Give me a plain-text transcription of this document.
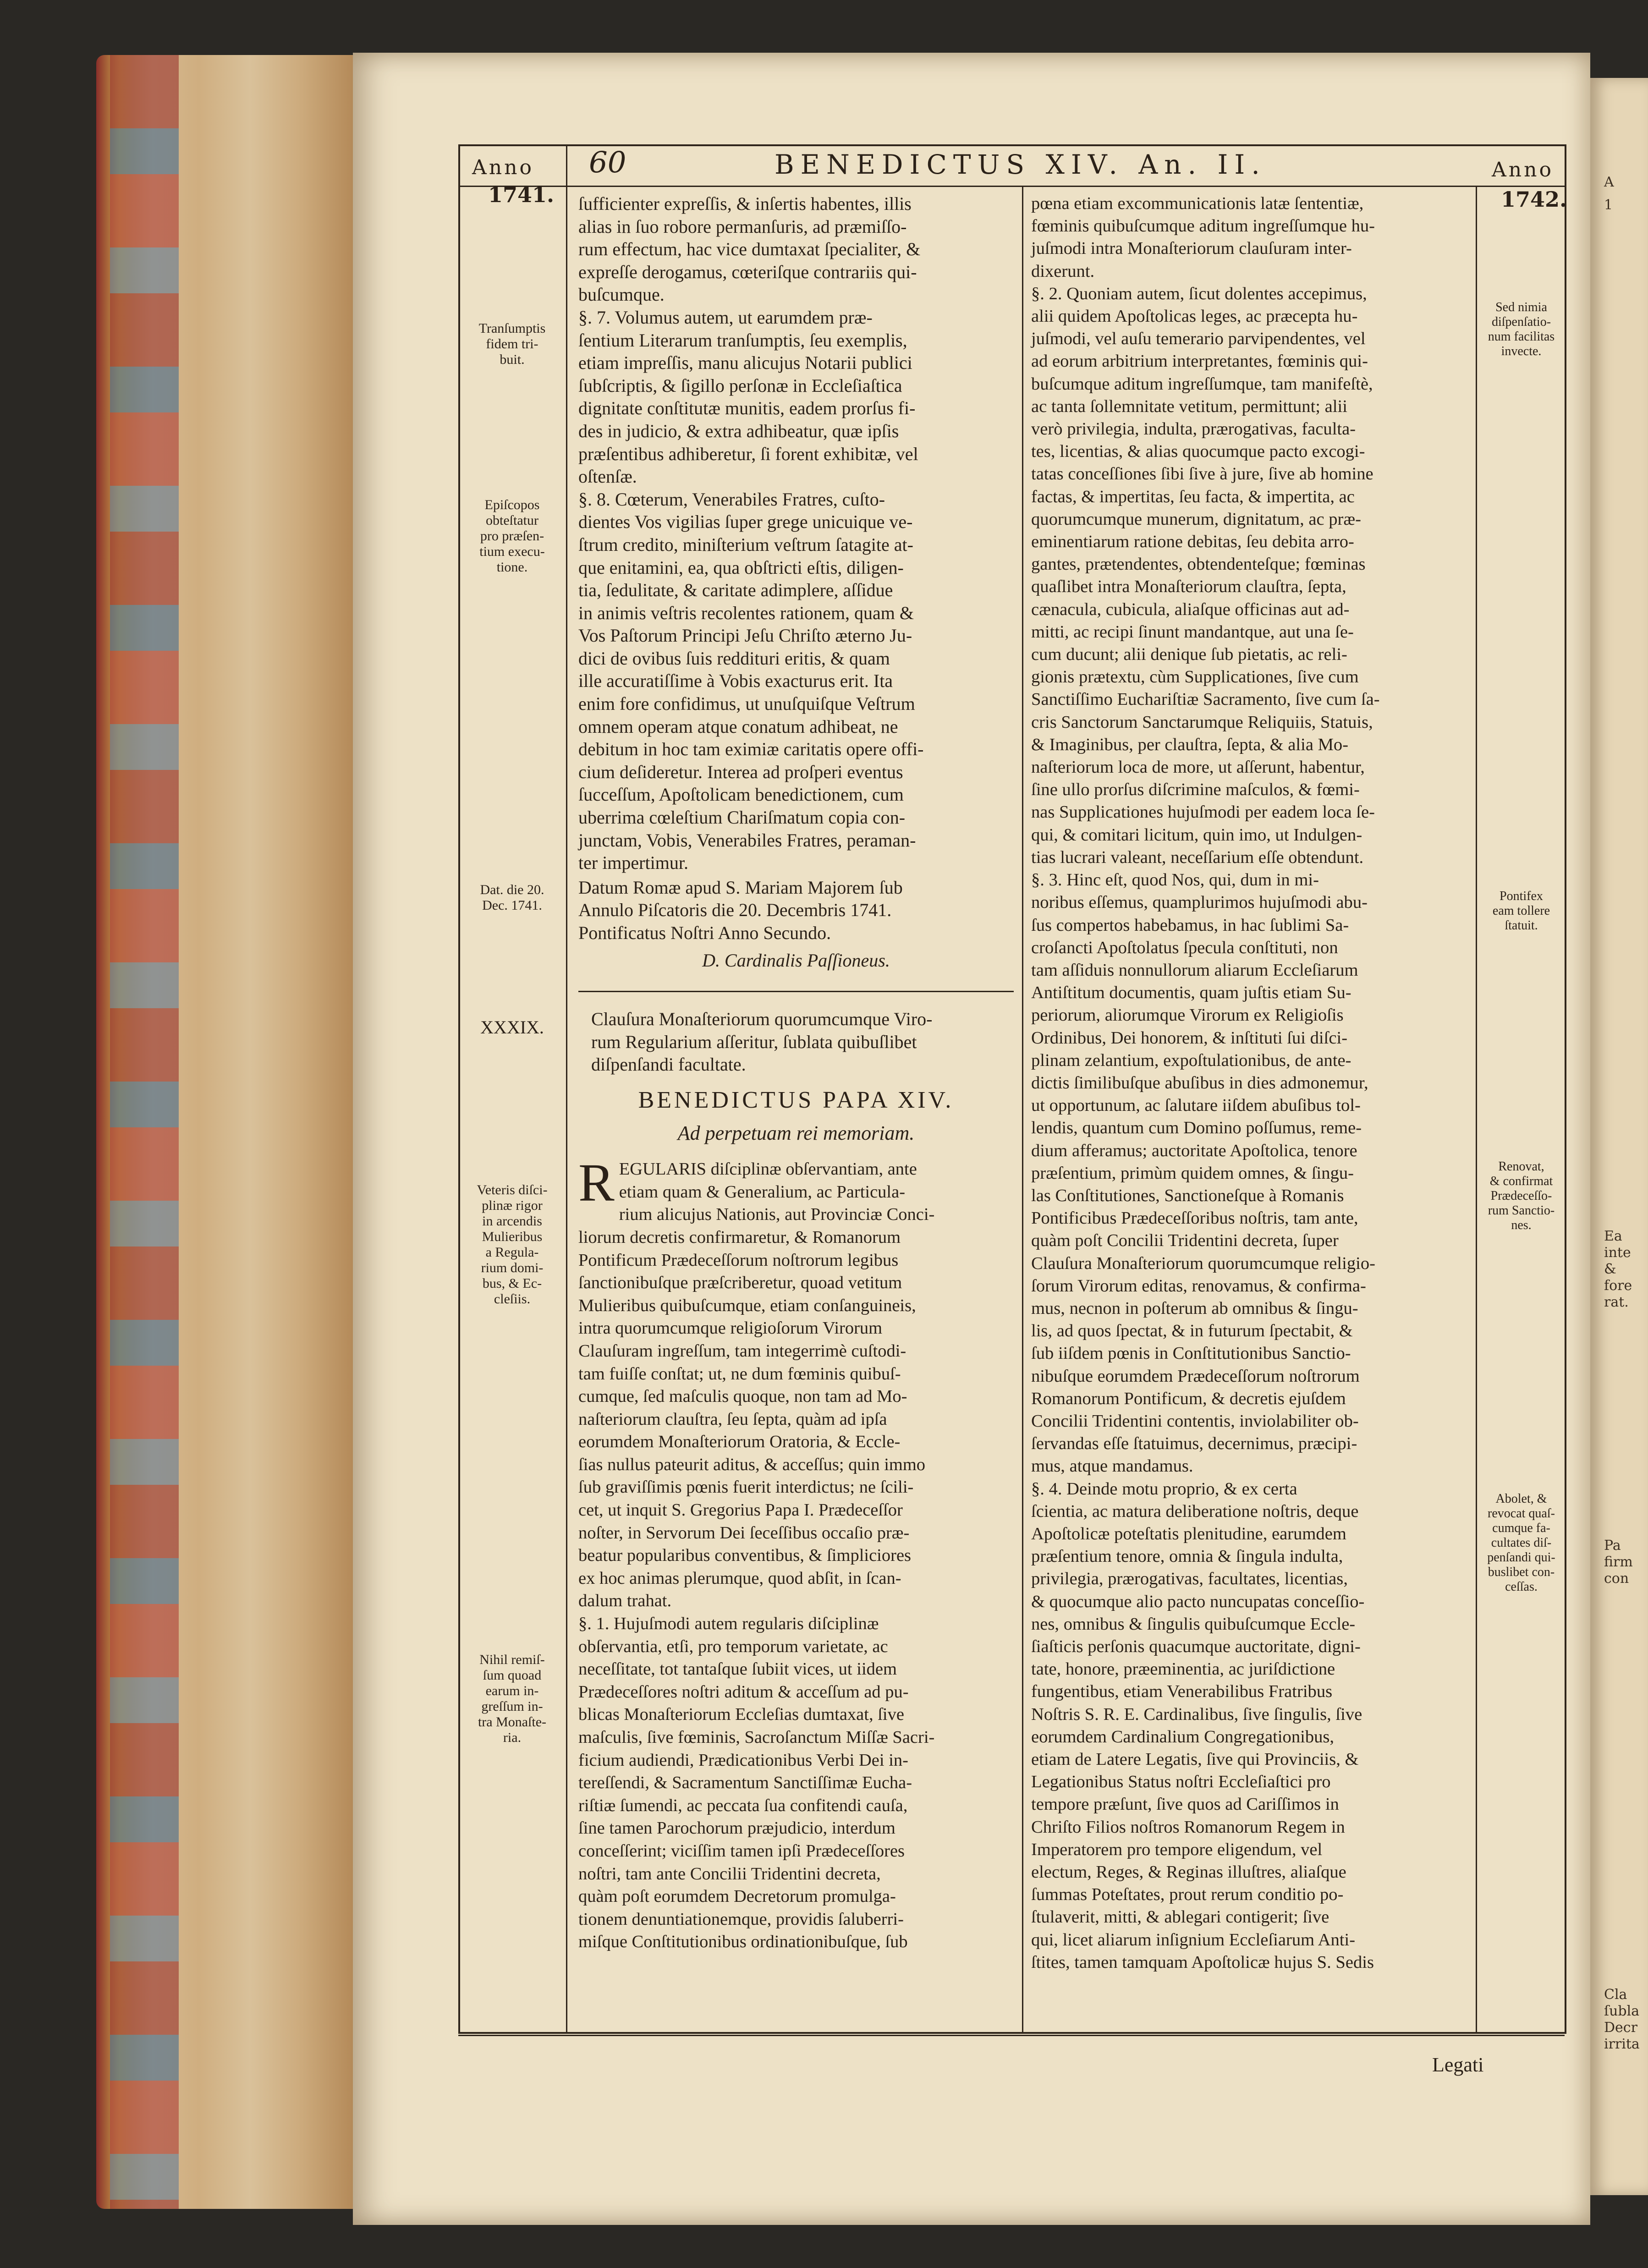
A
1
Ea
inte
&
fore
rat.
Pa
firm
con
Cla
ſubla
Decr
irrita
Anno
1741.
60	BENEDICTUS XIV. An. II.	Anno
1742.
Tranſumptis
fidem tri-
buit.
Epiſcopos
obteſtatur
pro præſen-
tium execu-
tione.
Dat. die 20.
Dec. 1741.
XXXIX.
Veteris diſci-
plinæ rigor
in arcendis
Mulieribus
a Regula-
rium domi-
bus, & Ec-
cleſiis.
Nihil remiſ-
ſum quoad
earum in-
greſſum in-
tra Monaſte-
ria.
Sed nimia
diſpenſatio-
num facilitas
invecte.
Pontifex
eam tollere
ſtatuit.
Renovat,
& confirmat
Prædeceſſo-
rum Sanctio-
nes.
Abolet, &
revocat quaſ-
cumque fa-
cultates diſ-
penſandi qui-
buslibet con-
ceſſas.

ſufficienter expreſſis, & inſertis habentes, illis
alias in ſuo robore permanſuris, ad præmiſſo-
rum effectum, hac vice dumtaxat ſpecialiter, &
expreſſe derogamus, cœteriſque contrariis qui-
buſcumque.

§. 7. Volumus autem, ut earumdem præ-
ſentium Literarum tranſumptis, ſeu exemplis,
etiam impreſſis, manu alicujus Notarii publici
ſubſcriptis, & ſigillo perſonæ in Eccleſiaſtica
dignitate conſtitutæ munitis, eadem prorſus fi-
des in judicio, & extra adhibeatur, quæ ipſis
præſentibus adhiberetur, ſi forent exhibitæ, vel
oſtenſæ.

§. 8. Cœterum, Venerabiles Fratres, cuſto-
dientes Vos vigilias ſuper grege unicuique ve-
ſtrum credito, miniſterium veſtrum ſatagite at-
que enitamini, ea, qua obſtricti eſtis, diligen-
tia, ſedulitate, & caritate adimplere, aſſidue
in animis veſtris recolentes rationem, quam &
Vos Paſtorum Principi Jeſu Chriſto æterno Ju-
dici de ovibus ſuis reddituri eritis, & quam
ille accuratiſſime à Vobis exacturus erit. Ita
enim fore confidimus, ut unuſquiſque Veſtrum
omnem operam atque conatum adhibeat, ne
debitum in hoc tam eximiæ caritatis opere offi-
cium deſideretur. Interea ad proſperi eventus
ſucceſſum, Apoſtolicam benedictionem, cum
uberrima cœleſtium Chariſmatum copia con-
junctam, Vobis, Venerabiles Fratres, peraman-
ter impertimur.

Datum Romæ apud S. Mariam Majorem ſub
Annulo Piſcatoris die 20. Decembris 1741.
Pontificatus Noſtri Anno Secundo.

D. Cardinalis Paſſioneus.

Clauſura Monaſteriorum quorumcumque Viro-
rum Regularium aſſeritur, ſublata quibuſlibet
diſpenſandi facultate.

BENEDICTUS PAPA XIV.

Ad perpetuam rei memoriam.

REGULARIS diſciplinæ obſervantiam, ante
etiam quam & Generalium, ac Particula-
rium alicujus Nationis, aut Provinciæ Conci-
liorum decretis confirmaretur, & Romanorum
Pontificum Prædeceſſorum noſtrorum legibus
ſanctionibuſque præſcriberetur, quoad vetitum
Mulieribus quibuſcumque, etiam conſanguineis,
intra quorumcumque religioſorum Virorum
Clauſuram ingreſſum, tam integerrimè cuſtodi-
tam fuiſſe conſtat; ut, ne dum fœminis quibuſ-
cumque, ſed maſculis quoque, non tam ad Mo-
naſteriorum clauſtra, ſeu ſepta, quàm ad ipſa
eorumdem Monaſteriorum Oratoria, & Eccle-
ſias nullus pateurit aditus, & acceſſus; quin immo
ſub graviſſimis pœnis fuerit interdictus; ne ſcili-
cet, ut inquit S. Gregorius Papa I. Prædeceſſor
noſter, in Servorum Dei ſeceſſibus occaſio præ-
beatur popularibus conventibus, & ſimpliciores
ex hoc animas plerumque, quod abſit, in ſcan-
dalum trahat.

§. 1. Hujuſmodi autem regularis diſciplinæ
obſervantia, etſi, pro temporum varietate, ac
neceſſitate, tot tantaſque ſubiit vices, ut iidem
Prædeceſſores noſtri aditum & acceſſum ad pu-
blicas Monaſteriorum Eccleſias dumtaxat, ſive
maſculis, ſive fœminis, Sacroſanctum Miſſæ Sacri-
ficium audiendi, Prædicationibus Verbi Dei in-
tereſſendi, & Sacramentum Sanctiſſimæ Eucha-
riſtiæ ſumendi, ac peccata ſua confitendi cauſa,
ſine tamen Parochorum præjudicio, interdum
conceſſerint; viciſſim tamen ipſi Prædeceſſores
noſtri, tam ante Concilii Tridentini decreta,
quàm poſt eorumdem Decretorum promulga-
tionem denuntiationemque, providis ſaluberri-
miſque Conſtitutionibus ordinationibuſque, ſub

pœna etiam excommunicationis latæ ſententiæ,
fœminis quibuſcumque aditum ingreſſumque hu-
juſmodi intra Monaſteriorum clauſuram inter-
dixerunt.

§. 2. Quoniam autem, ſicut dolentes accepimus,
alii quidem Apoſtolicas leges, ac præcepta hu-
juſmodi, vel auſu temerario parvipendentes, vel
ad eorum arbitrium interpretantes, fœminis qui-
buſcumque aditum ingreſſumque, tam manifeſtè,
ac tanta ſollemnitate vetitum, permittunt; alii
verò privilegia, indulta, prærogativas, faculta-
tes, licentias, & alias quocumque pacto excogi-
tatas conceſſiones ſibi ſive à jure, ſive ab homine
factas, & impertitas, ſeu facta, & impertita, ac
quorumcumque munerum, dignitatum, ac præ-
eminentiarum ratione debitas, ſeu debita arro-
gantes, prætendentes, obtendenteſque; fœminas
quaſlibet intra Monaſteriorum clauſtra, ſepta,
cænacula, cubicula, aliaſque officinas aut ad-
mitti, ac recipi ſinunt mandantque, aut una ſe-
cum ducunt; alii denique ſub pietatis, ac reli-
gionis prætextu, cùm Supplicationes, ſive cum
Sanctiſſimo Euchariſtiæ Sacramento, ſive cum ſa-
cris Sanctorum Sanctarumque Reliquiis, Statuis,
& Imaginibus, per clauſtra, ſepta, & alia Mo-
naſteriorum loca de more, ut aſſerunt, habentur,
ſine ullo prorſus diſcrimine maſculos, & fœmi-
nas Supplicationes hujuſmodi per eadem loca ſe-
qui, & comitari licitum, quin imo, ut Indulgen-
tias lucrari valeant, neceſſarium eſſe obtendunt.

§. 3. Hinc eſt, quod Nos, qui, dum in mi-
noribus eſſemus, quamplurimos hujuſmodi abu-
ſus compertos habebamus, in hac ſublimi Sa-
croſancti Apoſtolatus ſpecula conſtituti, non
tam aſſiduis nonnullorum aliarum Eccleſiarum
Antiſtitum documentis, quam juſtis etiam Su-
periorum, aliorumque Virorum ex Religioſis
Ordinibus, Dei honorem, & inſtituti ſui diſci-
plinam zelantium, expoſtulationibus, de ante-
dictis ſimilibuſque abuſibus in dies admonemur,
ut opportunum, ac ſalutare iiſdem abuſibus tol-
lendis, quantum cum Domino poſſumus, reme-
dium afferamus; auctoritate Apoſtolica, tenore
præſentium, primùm quidem omnes, & ſingu-
las Conſtitutiones, Sanctioneſque à Romanis
Pontificibus Prædeceſſoribus noſtris, tam ante,
quàm poſt Concilii Tridentini decreta, ſuper
Clauſura Monaſteriorum quorumcumque religio-
ſorum Virorum editas, renovamus, & confirma-
mus, necnon in poſterum ab omnibus & ſingu-
lis, ad quos ſpectat, & in futurum ſpectabit, &
ſub iiſdem pœnis in Conſtitutionibus Sanctio-
nibuſque eorumdem Prædeceſſorum noſtrorum
Romanorum Pontificum, & decretis ejuſdem
Concilii Tridentini contentis, inviolabiliter ob-
ſervandas eſſe ſtatuimus, decernimus, præcipi-
mus, atque mandamus.

§. 4. Deinde motu proprio, & ex certa
ſcientia, ac matura deliberatione noſtris, deque
Apoſtolicæ poteſtatis plenitudine, earumdem
præſentium tenore, omnia & ſingula indulta,
privilegia, prærogativas, facultates, licentias,
& quocumque alio pacto nuncupatas conceſſio-
nes, omnibus & ſingulis quibuſcumque Eccle-
ſiaſticis perſonis quacumque auctoritate, digni-
tate, honore, præeminentia, ac juriſdictione
fungentibus, etiam Venerabilibus Fratribus
Noſtris S. R. E. Cardinalibus, ſive ſingulis, ſive
eorumdem Cardinalium Congregationibus,
etiam de Latere Legatis, ſive qui Provinciis, &
Legationibus Status noſtri Eccleſiaſtici pro
tempore præſunt, ſive quos ad Cariſſimos in
Chriſto Filios noſtros Romanorum Regem in
Imperatorem pro tempore eligendum, vel
electum, Reges, & Reginas illuſtres, aliaſque
ſummas Poteſtates, prout rerum conditio po-
ſtulaverit, mitti, & ablegari contigerit; ſive
qui, licet aliarum inſignium Eccleſiarum Anti-
ſtites, tamen tamquam Apoſtolicæ hujus S. Sedis

Legati
